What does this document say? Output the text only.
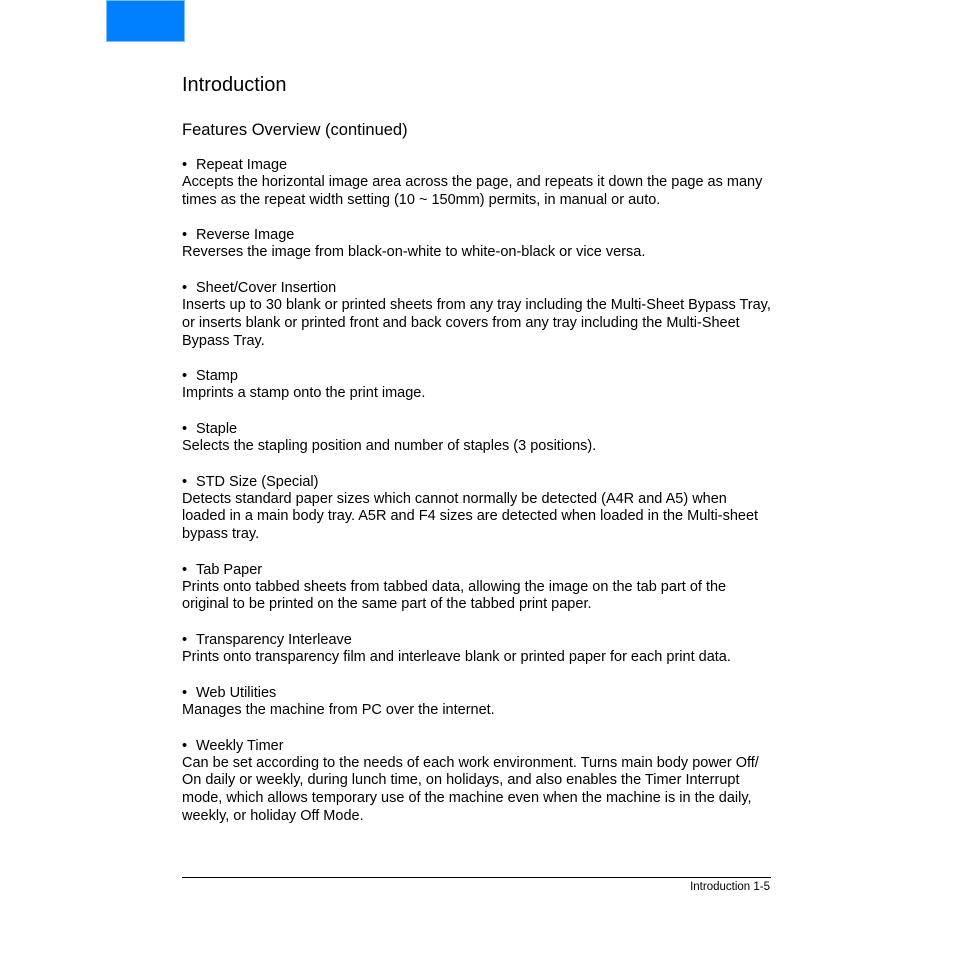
Introduction
Features Overview (continued)

• Repeat Image

Accepts the horizontal image area across the page, and repeats it down the page as many times as the repeat width setting (10 ~ 150mm) permits, in manual or auto.

• Reverse Image

Reverses the image from black-on-white to white-on-black or vice versa.

• Sheet/Cover Insertion

Inserts up to 30 blank or printed sheets from any tray including the Multi-Sheet Bypass Tray, or inserts blank or printed front and back covers from any tray including the Multi-Sheet Bypass Tray.

• Stamp

Imprints a stamp onto the print image.

• Staple

Selects the stapling position and number of staples (3 positions).

• STD Size (Special)

Detects standard paper sizes which cannot normally be detected (A4R and A5) when loaded in a main body tray. A5R and F4 sizes are detected when loaded in the Multi-sheet bypass tray.

• Tab Paper

Prints onto tabbed sheets from tabbed data, allowing the image on the tab part of the original to be printed on the same part of the tabbed print paper.

• Transparency Interleave

Prints onto transparency film and interleave blank or printed paper for each print data.

• Web Utilities

Manages the machine from PC over the internet.

• Weekly Timer

Can be set according to the needs of each work environment. Turns main body power Off/ On daily or weekly, during lunch time, on holidays, and also enables the Timer Interrupt mode, which allows temporary use of the machine even when the machine is in the daily, weekly, or holiday Off Mode.

Introduction 1-5
